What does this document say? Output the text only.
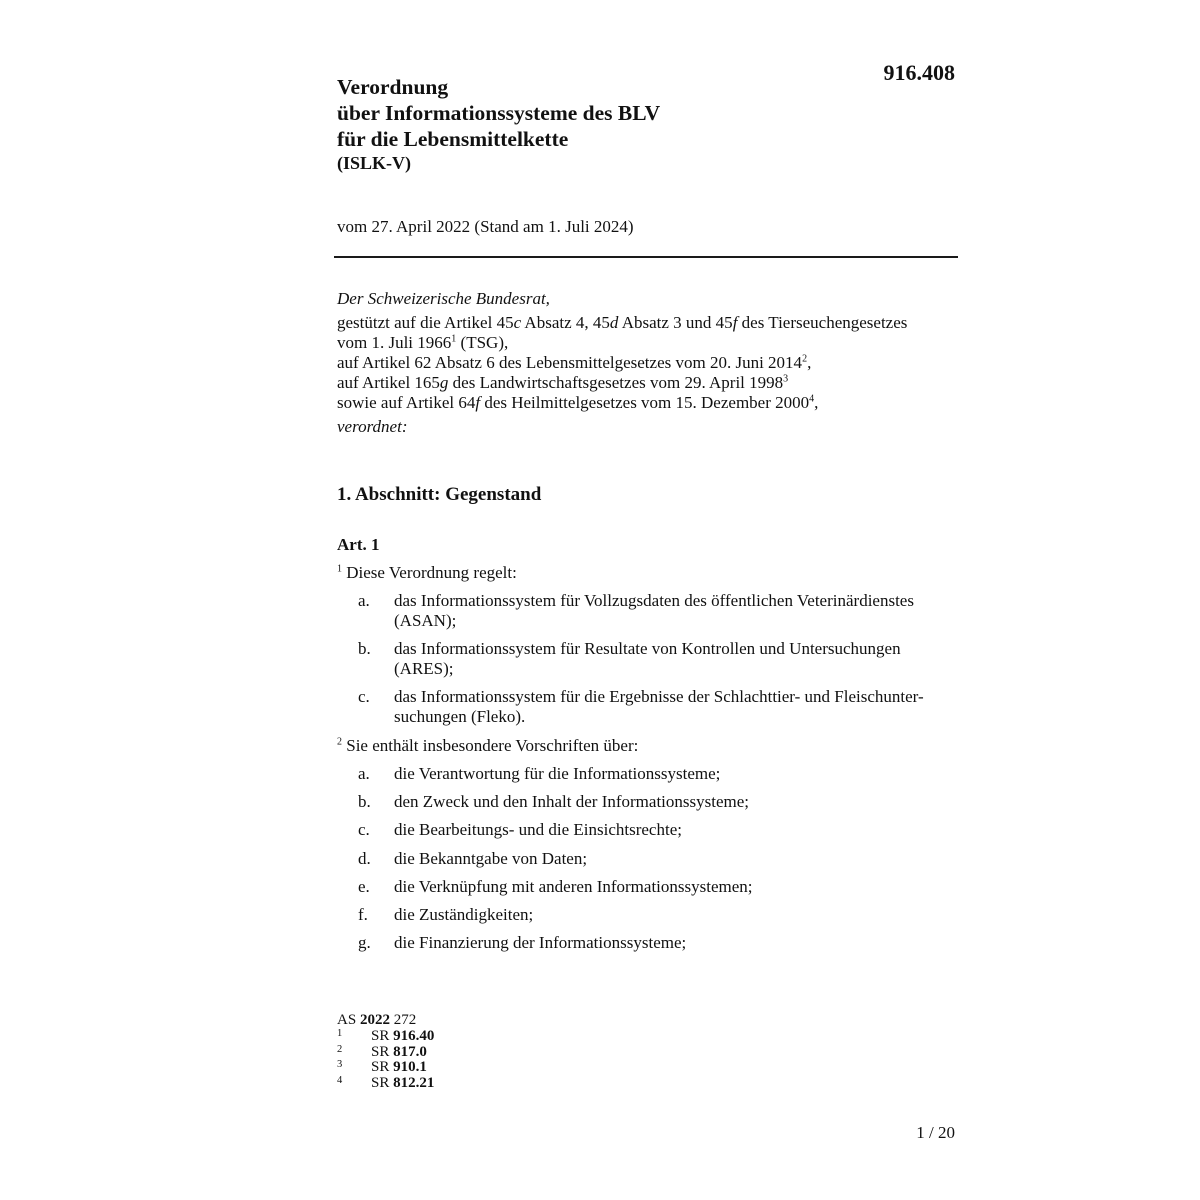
916.408

Verordnung
über Informationssysteme des BLV
für die Lebensmittelkette
(ISLK-V)
vom 27. April 2022 (Stand am 1. Juli 2024)
Der Schweizerische Bundesrat,
gestützt auf die Artikel 45c Absatz 4, 45d Absatz 3 und 45f des Tierseuchengesetzes
vom 1. Juli 1966$^1$ (TSG),
auf Artikel 62 Absatz 6 des Lebensmittelgesetzes vom 20. Juni 2014$^2$,
auf Artikel 165g des Landwirtschaftsgesetzes vom 29. April 1998$^3$
sowie auf Artikel 64f des Heilmittelgesetzes vom 15. Dezember 2000$^4$,
verordnet:
1. Abschnitt: Gegenstand
Art. 1
$^1$ Diese Verordnung regelt:
a. das Informationssystem für Vollzugsdaten des öffentlichen Veterinärdienstes
(ASAN);
b. das Informationssystem für Resultate von Kontrollen und Untersuchungen
(ARES);
c. das Informationssystem für die Ergebnisse der Schlachttier- und Fleischunter-
suchungen (Fleko).
$^2$ Sie enthält insbesondere Vorschriften über:
a. die Verantwortung für die Informationssysteme;
b. den Zweck und den Inhalt der Informationssysteme;
c. die Bearbeitungs- und die Einsichtsrechte;
d. die Bekanntgabe von Daten;
e. die Verknüpfung mit anderen Informationssystemen;
f. die Zuständigkeiten;
g. die Finanzierung der Informationssysteme;
AS 2022 272
1 SR 916.40
2 SR 817.0
3 SR 910.1
4 SR 812.21
1 / 20
